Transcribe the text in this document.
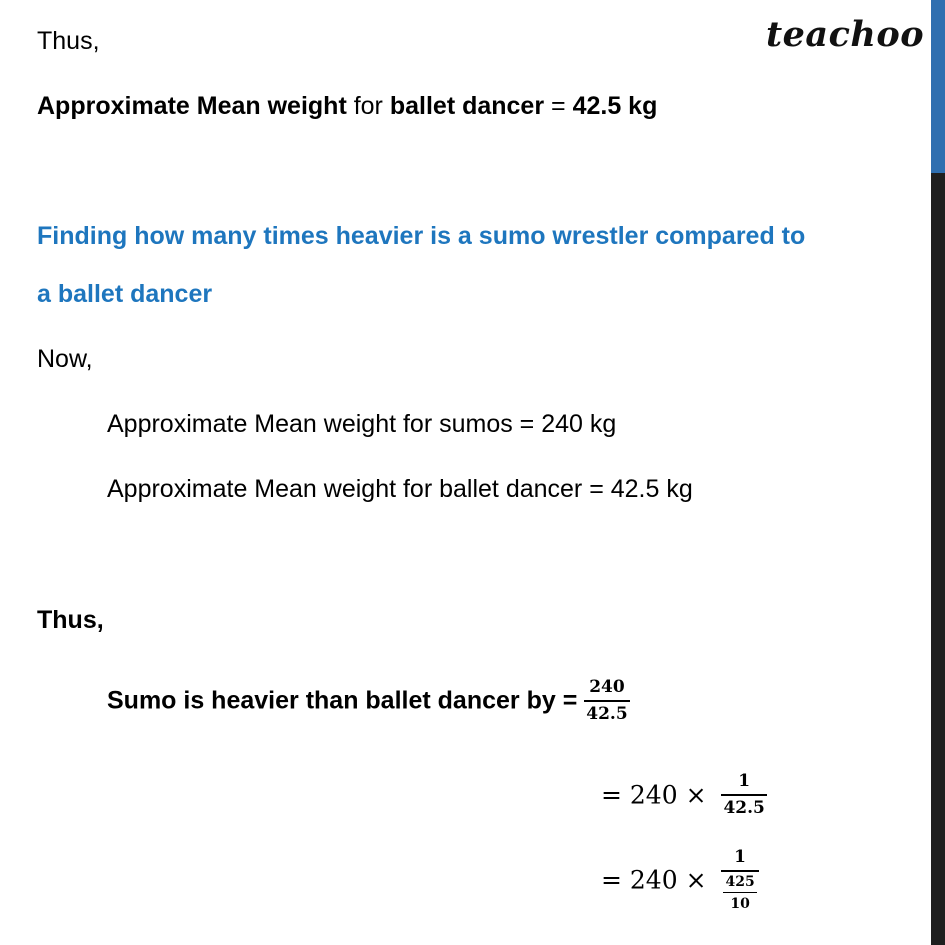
teachoo
Thus,
Approximate Mean weight for ballet dancer = 42.5 kg
Finding how many times heavier is a sumo wrestler compared to
a ballet dancer
Now,
Approximate Mean weight for sumos = 240 kg
Approximate Mean weight for ballet dancer = 42.5 kg
Thus,
Sumo is heavier than ballet dancer by = $\frac{240}{42.5}$
= $240 \times \frac{1}{42.5}$
= $240 \times \frac{1}{\frac{425}{10}}$
